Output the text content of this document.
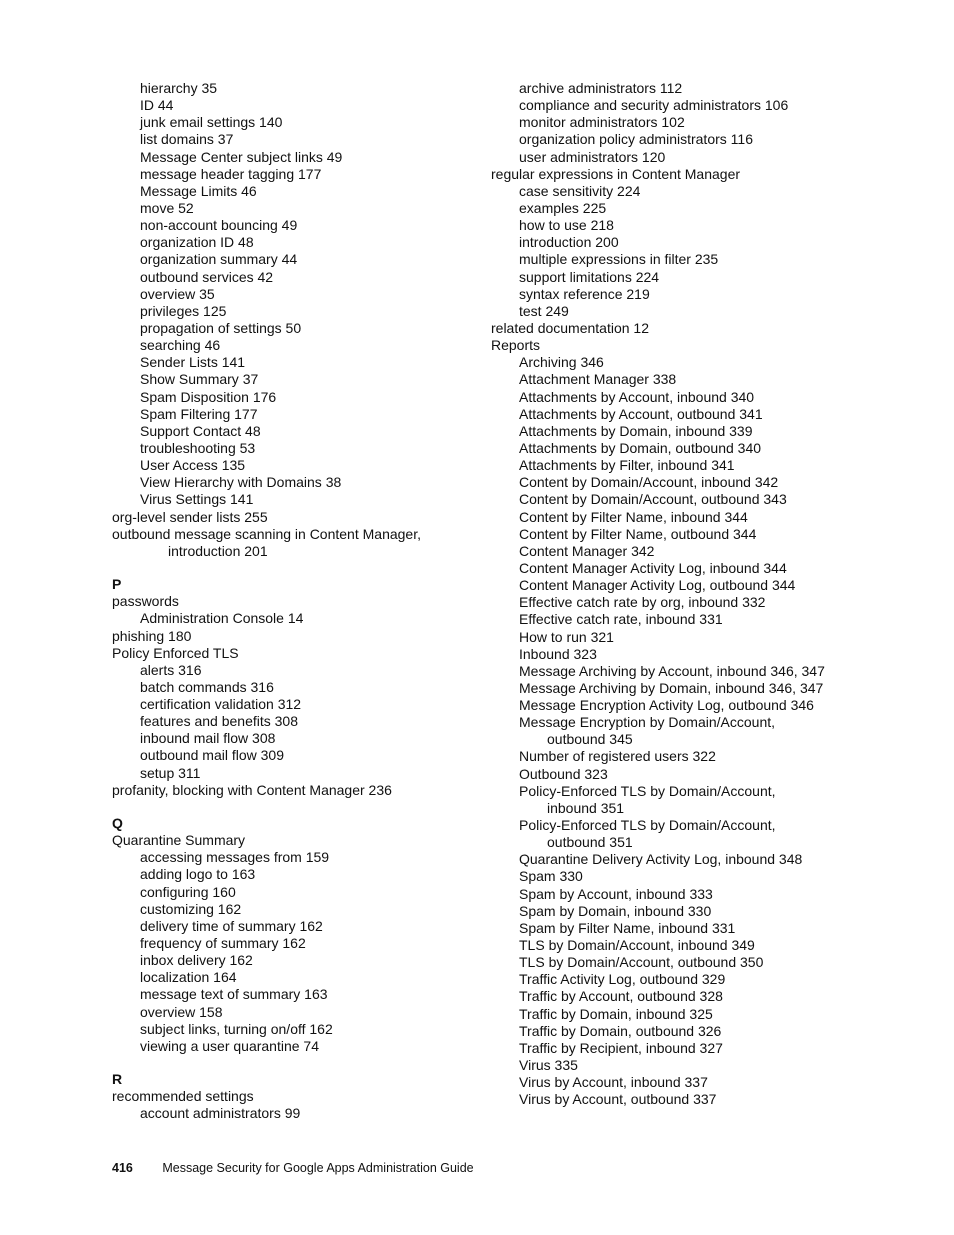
hierarchy 35
ID 44
junk email settings 140
list domains 37
Message Center subject links 49
message header tagging 177
Message Limits 46
move 52
non-account bouncing 49
organization ID 48
organization summary 44
outbound services 42
overview 35
privileges 125
propagation of settings 50
searching 46
Sender Lists 141
Show Summary 37
Spam Disposition 176
Spam Filtering 177
Support Contact 48
troubleshooting 53
User Access 135
View Hierarchy with Domains 38
Virus Settings 141
org-level sender lists 255
outbound message scanning in Content Manager,
introduction 201
P
passwords
Administration Console 14
phishing 180
Policy Enforced TLS
alerts 316
batch commands 316
certification validation 312
features and benefits 308
inbound mail flow 308
outbound mail flow 309
setup 311
profanity, blocking with Content Manager 236
Q
Quarantine Summary
accessing messages from 159
adding logo to 163
configuring 160
customizing 162
delivery time of summary 162
frequency of summary 162
inbox delivery 162
localization 164
message text of summary 163
overview 158
subject links, turning on/off 162
viewing a user quarantine 74
R
recommended settings
account administrators 99
archive administrators 112
compliance and security administrators 106
monitor administrators 102
organization policy administrators 116
user administrators 120
regular expressions in Content Manager
case sensitivity 224
examples 225
how to use 218
introduction 200
multiple expressions in filter 235
support limitations 224
syntax reference 219
test 249
related documentation 12
Reports
Archiving 346
Attachment Manager 338
Attachments by Account, inbound 340
Attachments by Account, outbound 341
Attachments by Domain, inbound 339
Attachments by Domain, outbound 340
Attachments by Filter, inbound 341
Content by Domain/Account, inbound 342
Content by Domain/Account, outbound 343
Content by Filter Name, inbound 344
Content by Filter Name, outbound 344
Content Manager 342
Content Manager Activity Log, inbound 344
Content Manager Activity Log, outbound 344
Effective catch rate by org, inbound 332
Effective catch rate, inbound 331
How to run 321
Inbound 323
Message Archiving by Account, inbound 346, 347
Message Archiving by Domain, inbound 346, 347
Message Encryption Activity Log, outbound 346
Message Encryption by Domain/Account,
outbound 345
Number of registered users 322
Outbound 323
Policy-Enforced TLS by Domain/Account,
inbound 351
Policy-Enforced TLS by Domain/Account,
outbound 351
Quarantine Delivery Activity Log, inbound 348
Spam 330
Spam by Account, inbound 333
Spam by Domain, inbound 330
Spam by Filter Name, inbound 331
TLS by Domain/Account, inbound 349
TLS by Domain/Account, outbound 350
Traffic Activity Log, outbound 329
Traffic by Account, outbound 328
Traffic by Domain, inbound 325
Traffic by Domain, outbound 326
Traffic by Recipient, inbound 327
Virus 335
Virus by Account, inbound 337
Virus by Account, outbound 337
416 Message Security for Google Apps Administration Guide
